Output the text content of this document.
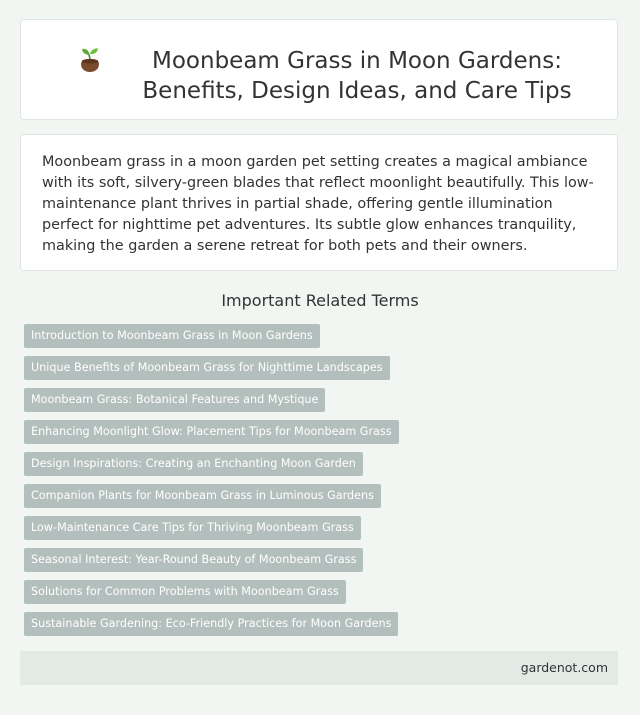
Moonbeam Grass in Moon Gardens: Benefits, Design Ideas, and Care Tips

Moonbeam grass in a moon garden pet setting creates a magical ambiance with its soft, silvery-green blades that reflect moonlight beautifully. This low-maintenance plant thrives in partial shade, offering gentle illumination perfect for nighttime pet adventures. Its subtle glow enhances tranquility, making the garden a serene retreat for both pets and their owners.

Important Related Terms
Introduction to Moonbeam Grass in Moon Gardens
Unique Benefits of Moonbeam Grass for Nighttime Landscapes
Moonbeam Grass: Botanical Features and Mystique
Enhancing Moonlight Glow: Placement Tips for Moonbeam Grass
Design Inspirations: Creating an Enchanting Moon Garden
Companion Plants for Moonbeam Grass in Luminous Gardens
Low-Maintenance Care Tips for Thriving Moonbeam Grass
Seasonal Interest: Year-Round Beauty of Moonbeam Grass
Solutions for Common Problems with Moonbeam Grass
Sustainable Gardening: Eco-Friendly Practices for Moon Gardens
gardenot.com
